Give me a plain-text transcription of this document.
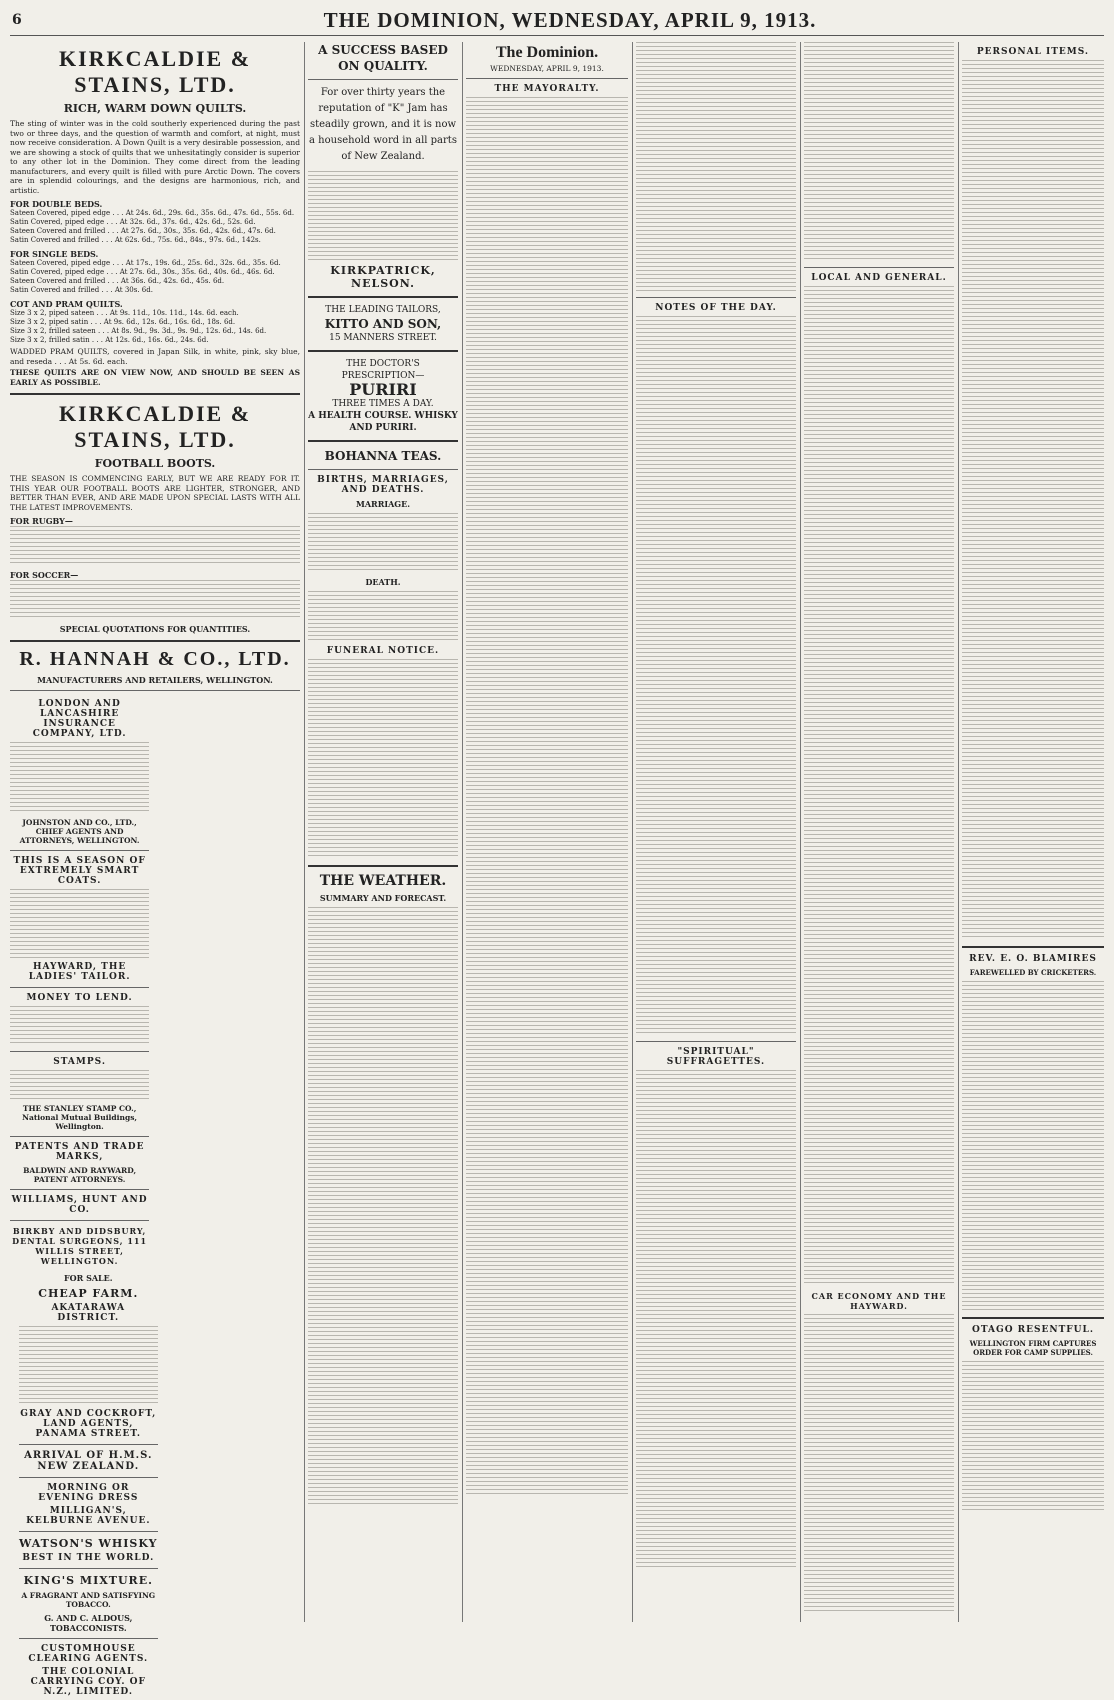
6	THE DOMINION, WEDNESDAY, APRIL 9, 1913.
KIRKCALDIE & STAINS, LTD.
RICH, WARM DOWN QUILTS.
The sting of winter was in the cold southerly experienced during the past two or three days, and the question of warmth and comfort, at night, must now receive consideration. A Down Quilt is a very desirable possession, and we are showing a stock of quilts that we unhesitatingly consider is superior to any other lot in the Dominion. They come direct from the leading manufacturers, and every quilt is filled with pure Arctic Down. The covers are in splendid colourings, and the designs are harmonious, rich, and artistic.
FOR DOUBLE BEDS.
Sateen Covered, piped edge . . . At 24s. 6d., 29s. 6d., 35s. 6d., 47s. 6d., 55s. 6d.
Satin Covered, piped edge . . . At 32s. 6d., 37s. 6d., 42s. 6d., 52s. 6d.
Sateen Covered and frilled . . . At 27s. 6d., 30s., 35s. 6d., 42s. 6d., 47s. 6d.
Satin Covered and frilled . . . At 62s. 6d., 75s. 6d., 84s., 97s. 6d., 142s.
FOR SINGLE BEDS.
Sateen Covered, piped edge . . . At 17s., 19s. 6d., 25s. 6d., 32s. 6d., 35s. 6d.
Satin Covered, piped edge . . . At 27s. 6d., 30s., 35s. 6d., 40s. 6d., 46s. 6d.
Sateen Covered and frilled . . . At 36s. 6d., 42s. 6d., 45s. 6d.
Satin Covered and frilled . . . At 30s. 6d.
COT AND PRAM QUILTS.
Size 3 x 2, piped sateen . . . At 9s. 11d., 10s. 11d., 14s. 6d. each.
Size 3 x 2, piped satin . . . At 9s. 6d., 12s. 6d., 16s. 6d., 18s. 6d.
Size 3 x 2, frilled sateen . . . At 8s. 9d., 9s. 3d., 9s. 9d., 12s. 6d., 14s. 6d.
Size 3 x 2, frilled satin . . . At 12s. 6d., 16s. 6d., 24s. 6d.
WADDED PRAM QUILTS, covered in Japan Silk, in white, pink, sky blue, and reseda . . . At 5s. 6d. each.
THESE QUILTS ARE ON VIEW NOW, AND SHOULD BE SEEN AS EARLY AS POSSIBLE.
KIRKCALDIE & STAINS, LTD.
FOOTBALL BOOTS.
THE SEASON IS COMMENCING EARLY, BUT WE ARE READY FOR IT. THIS YEAR OUR FOOTBALL BOOTS ARE LIGHTER, STRONGER, AND BETTER THAN EVER, AND ARE MADE UPON SPECIAL LASTS WITH ALL THE LATEST IMPROVEMENTS.
FOR RUGBY—
FOR SOCCER—
SPECIAL QUOTATIONS FOR QUANTITIES.
R. HANNAH & CO., LTD.
MANUFACTURERS AND RETAILERS, WELLINGTON.
LONDON AND LANCASHIRE INSURANCE COMPANY, LTD.
JOHNSTON AND CO., LTD., CHIEF AGENTS AND ATTORNEYS, WELLINGTON.
THIS IS A SEASON OF EXTREMELY SMART COATS.
HAYWARD, THE LADIES' TAILOR.
MONEY TO LEND.
STAMPS.
THE STANLEY STAMP CO., National Mutual Buildings, Wellington.
PATENTS AND TRADE MARKS,
BALDWIN AND RAYWARD, PATENT ATTORNEYS.
WILLIAMS, HUNT AND CO.
BIRKBY AND DIDSBURY, DENTAL SURGEONS, 111 WILLIS STREET, WELLINGTON.

FOR SALE.
CHEAP FARM.
AKATARAWA DISTRICT.
GRAY AND COCKROFT, LAND AGENTS, PANAMA STREET.
ARRIVAL OF H.M.S. NEW ZEALAND.
MORNING OR EVENING DRESS
MILLIGAN'S, KELBURNE AVENUE.
WATSON'S WHISKY
BEST IN THE WORLD.
KING'S MIXTURE.
A FRAGRANT AND SATISFYING TOBACCO.
G. AND C. ALDOUS, TOBACCONISTS.
CUSTOMHOUSE CLEARING AGENTS.
THE COLONIAL CARRYING COY. OF N.Z., LIMITED.
A SUCCESS BASED ON QUALITY.
For over thirty years the reputation of "K" Jam has steadily grown, and it is now a household word in all parts of New Zealand.
KIRKPATRICK, NELSON.
THE LEADING TAILORS,
KITTO AND SON,
15 MANNERS STREET.
THE DOCTOR'S PRESCRIPTION—
PURIRI
THREE TIMES A DAY.
A HEALTH COURSE. WHISKY AND PURIRI.
BOHANNA TEAS.
BIRTHS, MARRIAGES, AND DEATHS.
MARRIAGE.
DEATH.
FUNERAL NOTICE.
THE WEATHER.
SUMMARY AND FORECAST.
The Dominion.
WEDNESDAY, APRIL 9, 1913.
THE MAYORALTY.
NOTES OF THE DAY.
"SPIRITUAL" SUFFRAGETTES.
LOCAL AND GENERAL.
CAR ECONOMY AND THE HAYWARD.
PERSONAL ITEMS.
REV. E. O. BLAMIRES
FAREWELLED BY CRICKETERS.
OTAGO RESENTFUL.
WELLINGTON FIRM CAPTURES ORDER FOR CAMP SUPPLIES.
